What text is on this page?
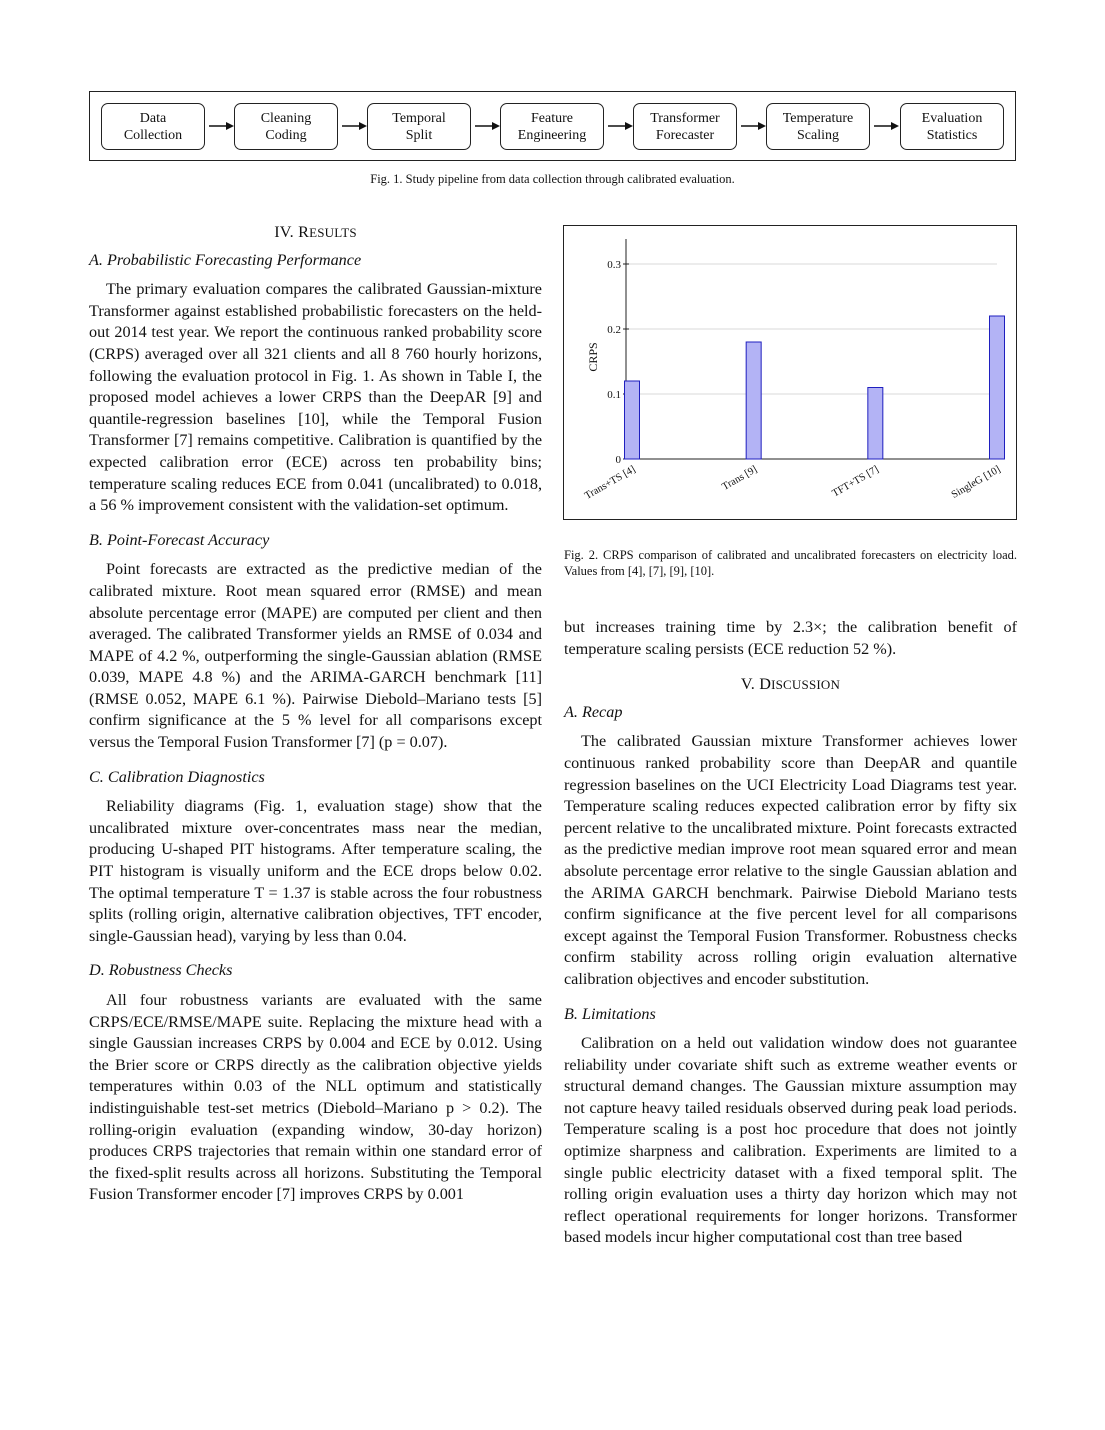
Data
Collection
Cleaning
Coding
Temporal
Split
Feature
Engineering
Transformer
Forecaster
Temperature
Scaling
Evaluation
Statistics
Fig. 1. Study pipeline from data collection through calibrated evaluation.
IV. RESULTS
A. Probabilistic Forecasting Performance

The primary evaluation compares the calibrated Gaussian-mixture Transformer against established probabilistic forecasters on the held-out 2014 test year. We report the continuous ranked probability score (CRPS) averaged over all 321 clients and all 8 760 hourly horizons, following the evaluation protocol in Fig. 1. As shown in Table I, the proposed model achieves a lower CRPS than the DeepAR [9] and quantile-regression baselines [10], while the Temporal Fusion Transformer [7] remains competitive. Calibration is quantified by the expected calibration error (ECE) across ten probability bins; temperature scaling reduces ECE from 0.041 (uncalibrated) to 0.018, a 56 % improvement consistent with the validation-set optimum.

B. Point-Forecast Accuracy

Point forecasts are extracted as the predictive median of the calibrated mixture. Root mean squared error (RMSE) and mean absolute percentage error (MAPE) are computed per client and then averaged. The calibrated Transformer yields an RMSE of 0.034 and MAPE of 4.2 %, outperforming the single-Gaussian ablation (RMSE 0.039, MAPE 4.8 %) and the ARIMA-GARCH benchmark [11] (RMSE 0.052, MAPE 6.1 %). Pairwise Diebold–Mariano tests [5] confirm significance at the 5 % level for all comparisons except versus the Temporal Fusion Transformer [7] (p = 0.07).

C. Calibration Diagnostics

Reliability diagrams (Fig. 1, evaluation stage) show that the uncalibrated mixture over-concentrates mass near the median, producing U-shaped PIT histograms. After temperature scaling, the PIT histogram is visually uniform and the ECE drops below 0.02. The optimal temperature T = 1.37 is stable across the four robustness splits (rolling origin, alternative calibration objectives, TFT encoder, single-Gaussian head), varying by less than 0.04.

D. Robustness Checks

All four robustness variants are evaluated with the same CRPS/ECE/RMSE/MAPE suite. Replacing the mixture head with a single Gaussian increases CRPS by 0.004 and ECE by 0.012. Using the Brier score or CRPS directly as the calibration objective yields temperatures within 0.03 of the NLL optimum and statistically indistinguishable test-set metrics (Diebold–Mariano p > 0.2). The rolling-origin evaluation (expanding window, 30-day horizon) produces CRPS trajectories that remain within one standard error of the fixed-split results across all horizons. Substituting the Temporal Fusion Transformer encoder [7] improves CRPS by 0.001

0
0.1
0.2
0.3
CRPS
Trans+TS [4]	Trans [9]	TFT+TS [7]	SingleG [10]
Fig. 2. CRPS comparison of calibrated and uncalibrated forecasters on electricity load. Values from [4], [7], [9], [10].

but increases training time by 2.3×; the calibration benefit of temperature scaling persists (ECE reduction 52 %).

V. DISCUSSION
A. Recap

The calibrated Gaussian mixture Transformer achieves lower continuous ranked probability score than DeepAR and quantile regression baselines on the UCI Electricity Load Diagrams test year. Temperature scaling reduces expected calibration error by fifty six percent relative to the uncalibrated mixture. Point forecasts extracted as the predictive median improve root mean squared error and mean absolute percentage error relative to the single Gaussian ablation and the ARIMA GARCH benchmark. Pairwise Diebold Mariano tests confirm significance at the five percent level for all comparisons except against the Temporal Fusion Transformer. Robustness checks confirm stability across rolling origin evaluation alternative calibration objectives and encoder substitution.

B. Limitations

Calibration on a held out validation window does not guarantee reliability under covariate shift such as extreme weather events or structural demand changes. The Gaussian mixture assumption may not capture heavy tailed residuals observed during peak load periods. Temperature scaling is a post hoc procedure that does not jointly optimize sharpness and calibration. Experiments are limited to a single public electricity dataset with a fixed temporal split. The rolling origin evaluation uses a thirty day horizon which may not reflect operational requirements for longer horizons. Transformer based models incur higher computational cost than tree based
